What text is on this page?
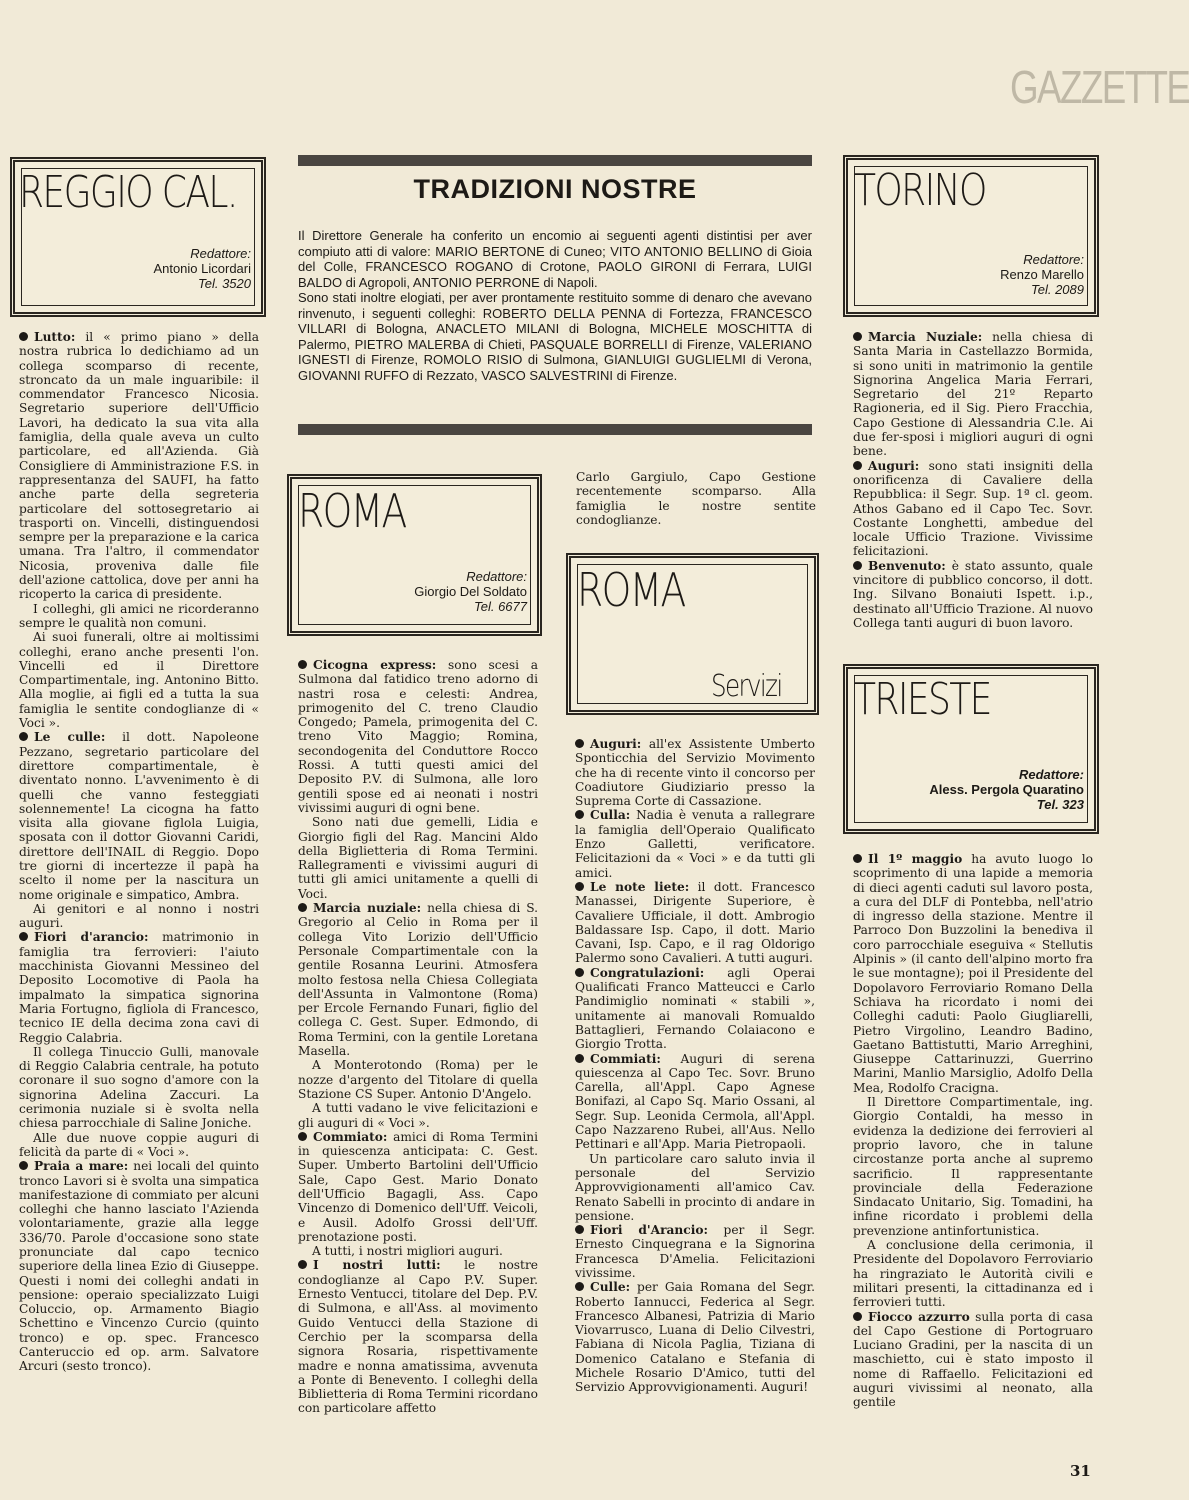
GAZZETTE
REGGIO CAL.
Redattore:
Antonio Licordari
Tel. 3520

Lutto: il « primo piano » della nostra rubrica lo dedichiamo ad un collega scomparso di recente, stroncato da un male inguaribile: il commendator Francesco Nicosia. Segretario superiore dell'Ufficio Lavori, ha dedicato la sua vita alla famiglia, della quale aveva un culto particolare, ed all'Azienda. Già Consigliere di Amministrazione F.S. in rappresentanza del SAUFI, ha fatto anche parte della segreteria particolare del sottosegretario ai trasporti on. Vincelli, distinguendosi sempre per la preparazione e la carica umana. Tra l'altro, il commendator Nicosia, proveniva dalle file dell'azione cattolica, dove per anni ha ricoperto la carica di presidente.

I colleghi, gli amici ne ricorderanno sempre le qualità non comuni.

Ai suoi funerali, oltre ai moltissimi colleghi, erano anche presenti l'on. Vincelli ed il Direttore Compartimentale, ing. Antonino Bitto. Alla moglie, ai figli ed a tutta la sua famiglia le sentite condoglianze di « Voci ».

Le culle: il dott. Napoleone Pezzano, segretario particolare del direttore compartimentale, è diventato nonno. L'avvenimento è di quelli che vanno festeggiati solennemente! La cicogna ha fatto visita alla giovane figlola Luigia, sposata con il dottor Giovanni Caridi, direttore dell'INAIL di Reggio. Dopo tre giorni di incertezze il papà ha scelto il nome per la nascitura un nome originale e simpatico, Ambra.

Ai genitori e al nonno i nostri auguri.

Fiori d'arancio: matrimonio in famiglia tra ferrovieri: l'aiuto macchinista Giovanni Messineo del Deposito Locomotive di Paola ha impalmato la simpatica signorina Maria Fortugno, figliola di Francesco, tecnico IE della decima zona cavi di Reggio Calabria.

Il collega Tinuccio Gulli, manovale di Reggio Calabria centrale, ha potuto coronare il suo sogno d'amore con la signorina Adelina Zaccuri. La cerimonia nuziale si è svolta nella chiesa parrocchiale di Saline Joniche.

Alle due nuove coppie auguri di felicità da parte di « Voci ».

Praia a mare: nei locali del quinto tronco Lavori si è svolta una simpatica manifestazione di commiato per alcuni colleghi che hanno lasciato l'Azienda volontariamente, grazie alla legge 336/70. Parole d'occasione sono state pronunciate dal capo tecnico superiore della linea Ezio di Giuseppe. Questi i nomi dei colleghi andati in pensione: operaio specializzato Luigi Coluccio, op. Armamento Biagio Schettino e Vincenzo Curcio (quinto tronco) e op. spec. Francesco Canteruccio ed op. arm. Salvatore Arcuri (sesto tronco).

TRADIZIONI NOSTRE
Il Direttore Generale ha conferito un encomio ai seguenti agenti distintisi per aver compiuto atti di valore: MARIO BERTONE di Cuneo; VITO ANTONIO BELLINO di Gioia del Colle, FRANCESCO ROGANO di Crotone, PAOLO GIRONI di Ferrara, LUIGI BALDO di Agropoli, ANTONIO PERRONE di Napoli.
Sono stati inoltre elogiati, per aver prontamente restituito somme di denaro che avevano rinvenuto, i seguenti colleghi: ROBERTO DELLA PENNA di Fortezza, FRANCESCO VILLARI di Bologna, ANACLETO MILANI di Bologna, MICHELE MOSCHITTA di Palermo, PIETRO MALERBA di Chieti, PASQUALE BORRELLI di Firenze, VALERIANO IGNESTI di Firenze, ROMOLO RISIO di Sulmona, GIANLUIGI GUGLIELMI di Verona, GIOVANNI RUFFO di Rezzato, VASCO SALVESTRINI di Firenze.
ROMA
Redattore:
Giorgio Del Soldato
Tel. 6677

Cicogna express: sono scesi a Sulmona dal fatidico treno adorno di nastri rosa e celesti: Andrea, primogenito del C. treno Claudio Congedo; Pamela, primogenita del C. treno Vito Maggio; Romina, secondogenita del Conduttore Rocco Rossi. A tutti questi amici del Deposito P.V. di Sulmona, alle loro gentili spose ed ai neonati i nostri vivissimi auguri di ogni bene.

Sono nati due gemelli, Lidia e Giorgio figli del Rag. Mancini Aldo della Biglietteria di Roma Termini. Rallegramenti e vivissimi auguri di tutti gli amici unitamente a quelli di Voci.

Marcia nuziale: nella chiesa di S. Gregorio al Celio in Roma per il collega Vito Lorizio dell'Ufficio Personale Compartimentale con la gentile Rosanna Leurini. Atmosfera molto festosa nella Chiesa Collegiata dell'Assunta in Valmontone (Roma) per Ercole Fernando Funari, figlio del collega C. Gest. Super. Edmondo, di Roma Termini, con la gentile Loretana Masella.

A Monterotondo (Roma) per le nozze d'argento del Titolare di quella Stazione CS Super. Antonio D'Angelo.

A tutti vadano le vive felicitazioni e gli auguri di « Voci ».

Commiato: amici di Roma Termini in quiescenza anticipata: C. Gest. Super. Umberto Bartolini dell'Ufficio Sale, Capo Gest. Mario Donato dell'Ufficio Bagagli, Ass. Capo Vincenzo di Domenico dell'Uff. Veicoli, e Ausil. Adolfo Grossi dell'Uff. prenotazione posti.

A tutti, i nostri migliori auguri.

I nostri lutti: le nostre condoglianze al Capo P.V. Super. Ernesto Ventucci, titolare del Dep. P.V. di Sulmona, e all'Ass. al movimento Guido Ventucci della Stazione di Cerchio per la scomparsa della signora Rosaria, rispettivamente madre e nonna amatissima, avvenuta a Ponte di Benevento. I colleghi della Biblietteria di Roma Termini ricordano con particolare affetto

Carlo Gargiulo, Capo Gestione recentemente scomparso. Alla famiglia le nostre sentite condoglianze.

ROMA
Servizi

Auguri: all'ex Assistente Umberto Sponticchia del Servizio Movimento che ha di recente vinto il concorso per Coadiutore Giudiziario presso la Suprema Corte di Cassazione.

Culla: Nadia è venuta a rallegrare la famiglia dell'Operaio Qualificato Enzo Galletti, verificatore. Felicitazioni da « Voci » e da tutti gli amici.

Le note liete: il dott. Francesco Manassei, Dirigente Superiore, è Cavaliere Ufficiale, il dott. Ambrogio Baldassare Isp. Capo, il dott. Mario Cavani, Isp. Capo, e il rag Oldorigo Palermo sono Cavalieri. A tutti auguri.

Congratulazioni: agli Operai Qualificati Franco Matteucci e Carlo Pandimiglio nominati « stabili », unitamente ai manovali Romualdo Battaglieri, Fernando Colaiacono e Giorgio Trotta.

Commiati: Auguri di serena quiescenza al Capo Tec. Sovr. Bruno Carella, all'Appl. Capo Agnese Bonifazi, al Capo Sq. Mario Ossani, al Segr. Sup. Leonida Cermola, all'Appl. Capo Nazzareno Rubei, all'Aus. Nello Pettinari e all'App. Maria Pietropaoli.

Un particolare caro saluto invia il personale del Servizio Approvvigionamenti all'amico Cav. Renato Sabelli in procinto di andare in pensione.

Fiori d'Arancio: per il Segr. Ernesto Cinquegrana e la Signorina Francesca D'Amelia. Felicitazioni vivissime.

Culle: per Gaia Romana del Segr. Roberto Iannucci, Federica al Segr. Francesco Albanesi, Patrizia di Mario Viovarrusco, Luana di Delio Cilvestri, Fabiana di Nicola Paglia, Tiziana di Domenico Catalano e Stefania di Michele Rosario D'Amico, tutti del Servizio Approvvigionamenti. Auguri!

TORINO
Redattore:
Renzo Marello
Tel. 2089

Marcia Nuziale: nella chiesa di Santa Maria in Castellazzo Bormida, si sono uniti in matrimonio la gentile Signorina Angelica Maria Ferrari, Segretario del 21º Reparto Ragioneria, ed il Sig. Piero Fracchia, Capo Gestione di Alessandria C.le. Ai due fer-sposi i migliori auguri di ogni bene.

Auguri: sono stati insigniti della onorificenza di Cavaliere della Repubblica: il Segr. Sup. 1ª cl. geom. Athos Gabano ed il Capo Tec. Sovr. Costante Longhetti, ambedue del locale Ufficio Trazione. Vivissime felicitazioni.

Benvenuto: è stato assunto, quale vincitore di pubblico concorso, il dott. Ing. Silvano Bonaiuti Ispett. i.p., destinato all'Ufficio Trazione. Al nuovo Collega tanti auguri di buon lavoro.

TRIESTE
Redattore:
Aless. Pergola Quaratino
Tel. 323

Il 1º maggio ha avuto luogo lo scoprimento di una lapide a memoria di dieci agenti caduti sul lavoro posta, a cura del DLF di Pontebba, nell'atrio di ingresso della stazione. Mentre il Parroco Don Buzzolini la benediva il coro parrocchiale eseguiva « Stellutis Alpinis » (il canto dell'alpino morto fra le sue montagne); poi il Presidente del Dopolavoro Ferroviario Romano Della Schiava ha ricordato i nomi dei Colleghi caduti: Paolo Giugliarelli, Pietro Virgolino, Leandro Badino, Gaetano Battistutti, Mario Arreghini, Giuseppe Cattarinuzzi, Guerrino Marini, Manlio Marsiglio, Adolfo Della Mea, Rodolfo Cracigna.

Il Direttore Compartimentale, ing. Giorgio Contaldi, ha messo in evidenza la dedizione dei ferrovieri al proprio lavoro, che in talune circostanze porta anche al supremo sacrificio. Il rappresentante provinciale della Federazione Sindacato Unitario, Sig. Tomadini, ha infine ricordato i problemi della prevenzione antinfortunistica.

A conclusione della cerimonia, il Presidente del Dopolavoro Ferroviario ha ringraziato le Autorità civili e militari presenti, la cittadinanza ed i ferrovieri tutti.

Fiocco azzurro sulla porta di casa del Capo Gestione di Portogruaro Luciano Gradini, per la nascita di un maschietto, cui è stato imposto il nome di Raffaello. Felicitazioni ed auguri vivissimi al neonato, alla gentile

31
